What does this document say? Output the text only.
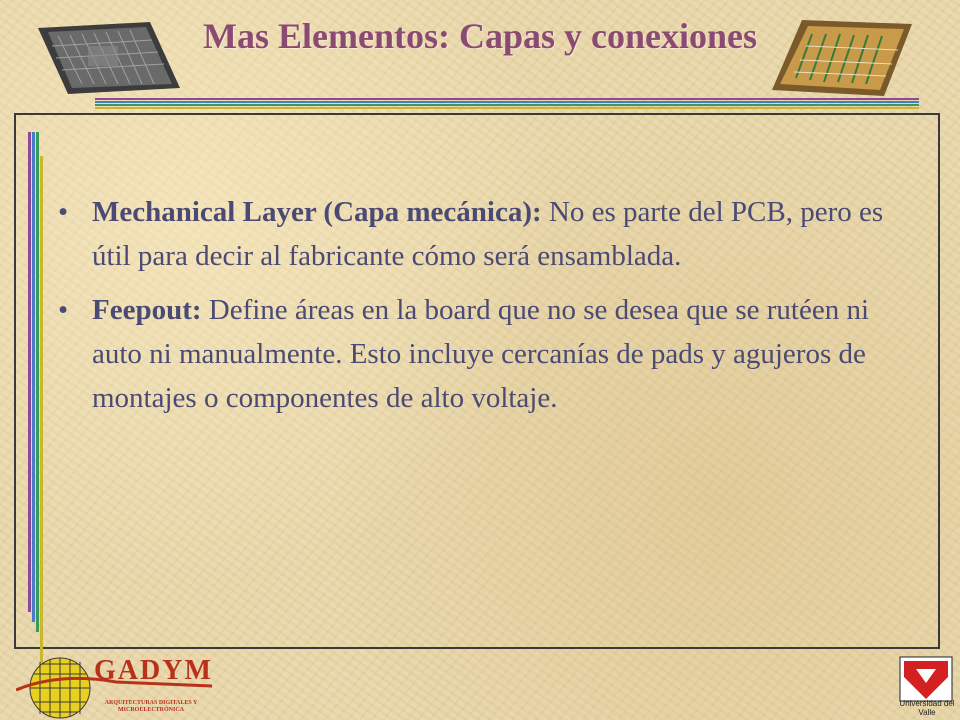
Mas Elementos: Capas y conexiones
• Mechanical Layer (Capa mecánica): No es parte del PCB, pero es útil para decir al fabricante cómo será ensamblada.
• Feepout: Define áreas en la board que no se desea que se rutéen ni auto ni manualmente. Esto incluye cercanías de pads y agujeros de montajes o componentes de alto voltaje.
GADYM
ARQUITECTURAS DIGITALES Y MICROELECTRÓNICA
Universidad del Valle
